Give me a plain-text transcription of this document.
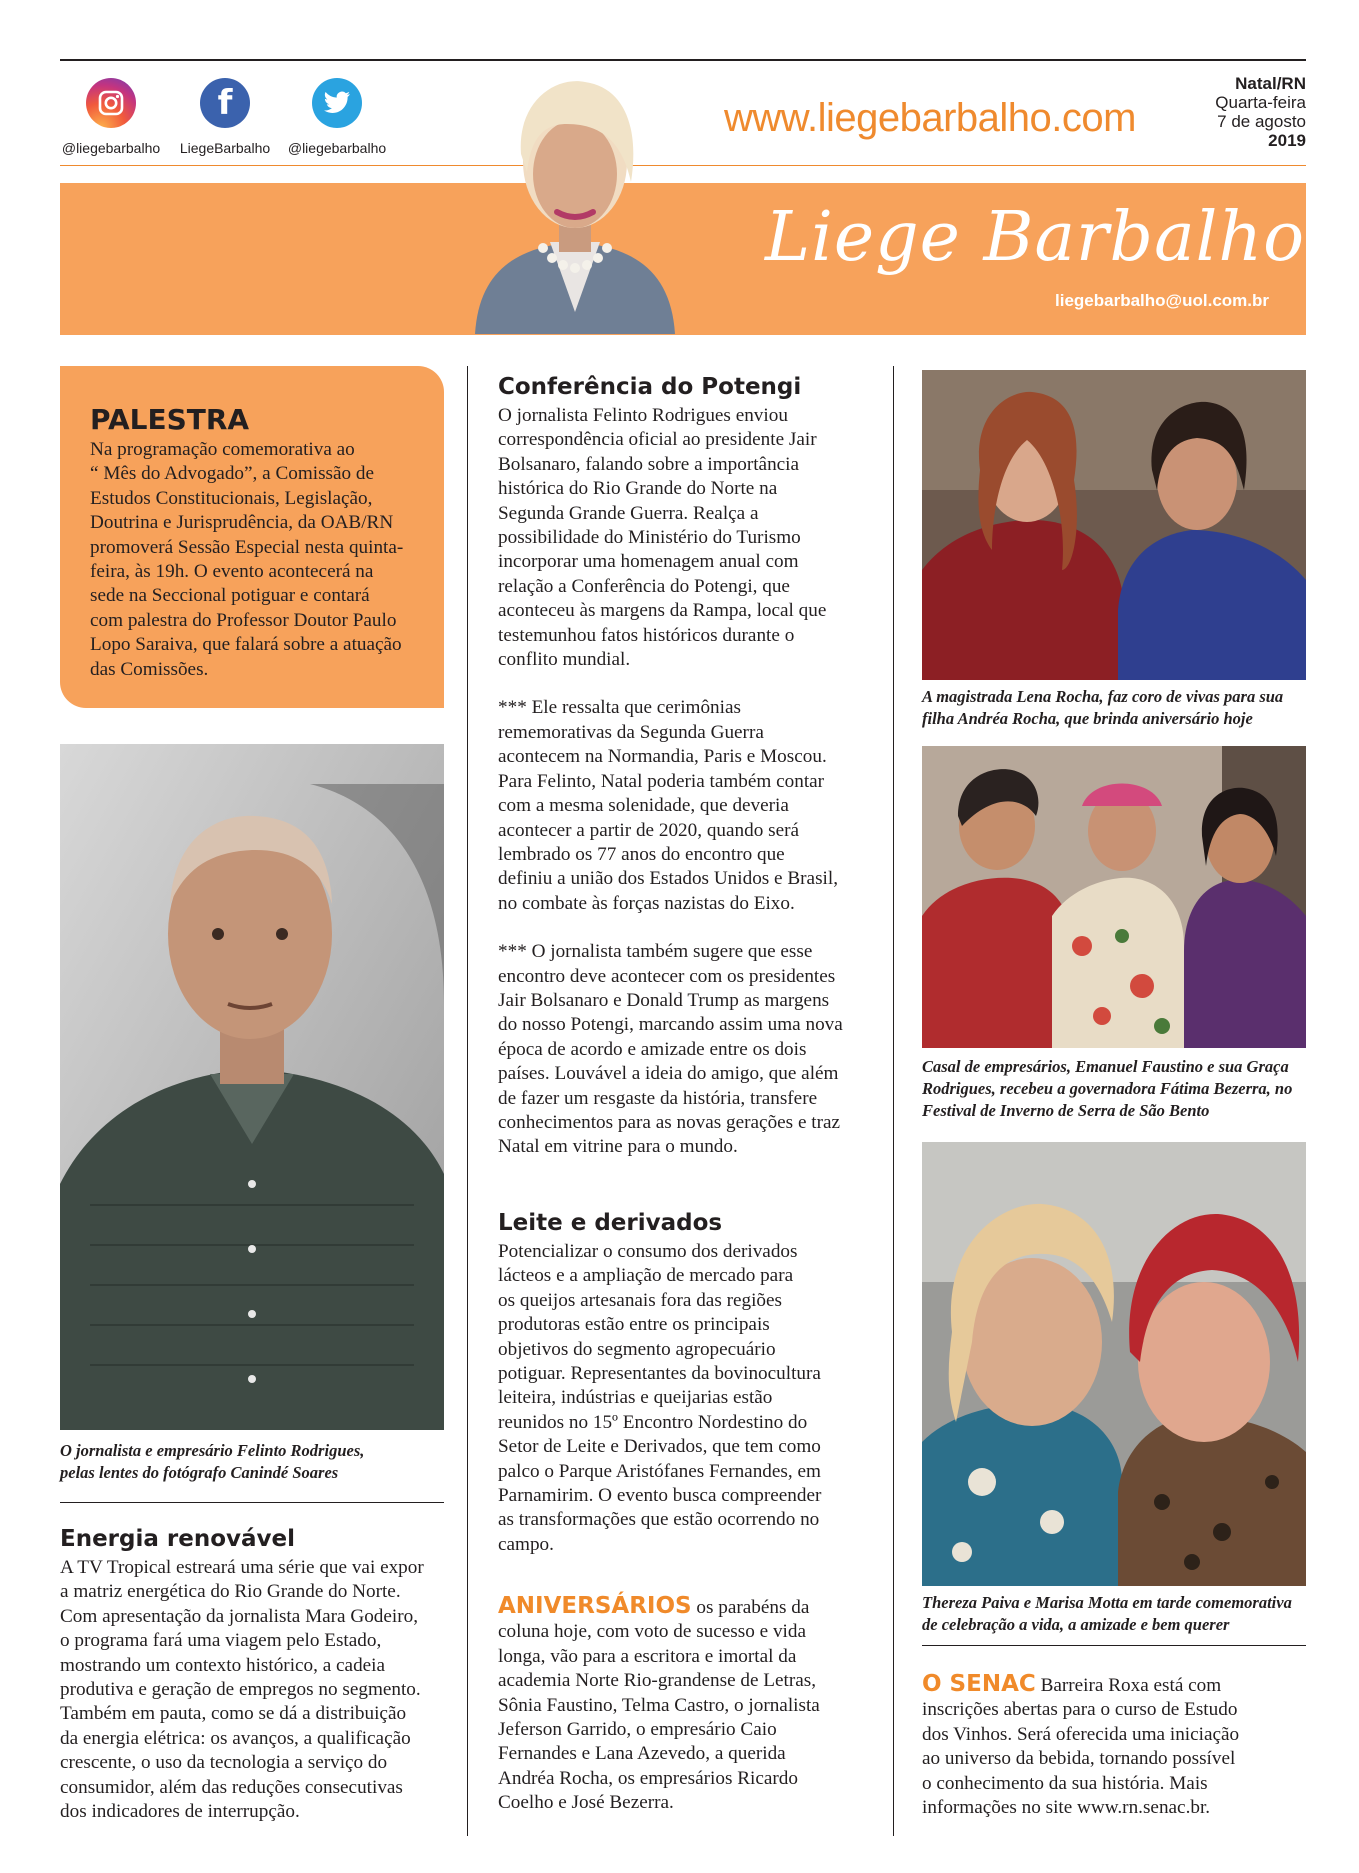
@liegebarbalho
f
LiegeBarbalho	@liegebarbalho
www.liegebarbalho.com
Natal/RN
Quarta-feira
7 de agosto
2019
Liege Barbalho
liegebarbalho@uol.com.br
PALESTRA
Na programação comemorativa ao
“ Mês do Advogado”, a Comissão de
Estudos Constitucionais, Legislação,
Doutrina e Jurisprudência, da OAB/RN
promoverá Sessão Especial nesta quinta-
feira, às 19h. O evento acontecerá na
sede na Seccional potiguar e contará
com palestra do Professor Doutor Paulo
Lopo Saraiva, que falará sobre a atuação
das Comissões.
O jornalista e empresário Felinto Rodrigues,
pelas lentes do fotógrafo Canindé Soares
Energia renovável
A TV Tropical estreará uma série que vai expor
a matriz energética do Rio Grande do Norte.
Com apresentação da jornalista Mara Godeiro,
o programa fará uma viagem pelo Estado,
mostrando um contexto histórico, a cadeia
produtiva e geração de empregos no segmento.
Também em pauta, como se dá a distribuição
da energia elétrica: os avanços, a qualificação
crescente, o uso da tecnologia a serviço do
consumidor, além das reduções consecutivas
dos indicadores de interrupção.
Conferência do Potengi
O jornalista Felinto Rodrigues enviou
correspondência oficial ao presidente Jair
Bolsanaro, falando sobre a importância
histórica do Rio Grande do Norte na
Segunda Grande Guerra. Realça a
possibilidade do Ministério do Turismo
incorporar uma homenagem anual com
relação a Conferência do Potengi, que
aconteceu às margens da Rampa, local que
testemunhou fatos históricos durante o
conflito mundial.
*** Ele ressalta que cerimônias
rememorativas da Segunda Guerra
acontecem na Normandia, Paris e Moscou.
Para Felinto, Natal poderia também contar
com a mesma solenidade, que deveria
acontecer a partir de 2020, quando será
lembrado os 77 anos do encontro que
definiu a união dos Estados Unidos e Brasil,
no combate às forças nazistas do Eixo.
*** O jornalista também sugere que esse
encontro deve acontecer com os presidentes
Jair Bolsanaro e Donald Trump as margens
do nosso Potengi, marcando assim uma nova
época de acordo e amizade entre os dois
países. Louvável a ideia do amigo, que além
de fazer um resgaste da história, transfere
conhecimentos para as novas gerações e traz
Natal em vitrine para o mundo.
Leite e derivados
Potencializar o consumo dos derivados
lácteos e a ampliação de mercado para
os queijos artesanais fora das regiões
produtoras estão entre os principais
objetivos do segmento agropecuário
potiguar. Representantes da bovinocultura
leiteira, indústrias e queijarias estão
reunidos no 15º Encontro Nordestino do
Setor de Leite e Derivados, que tem como
palco o Parque Aristófanes Fernandes, em
Parnamirim. O evento busca compreender
as transformações que estão ocorrendo no
campo.
ANIVERSÁRIOS os parabéns da
coluna hoje, com voto de sucesso e vida
longa, vão para a escritora e imortal da
academia Norte Rio-grandense de Letras,
Sônia Faustino, Telma Castro, o jornalista
Jeferson Garrido, o empresário Caio
Fernandes e Lana Azevedo, a querida
Andréa Rocha, os empresários Ricardo
Coelho e José Bezerra.
A magistrada Lena Rocha, faz coro de vivas para sua
filha Andréa Rocha, que brinda aniversário hoje
Casal de empresários, Emanuel Faustino e sua Graça
Rodrigues, recebeu a governadora Fátima Bezerra, no
Festival de Inverno de Serra de São Bento
Thereza Paiva e Marisa Motta em tarde comemorativa
de celebração a vida, a amizade e bem querer
O SENAC Barreira Roxa está com
inscrições abertas para o curso de Estudo
dos Vinhos. Será oferecida uma iniciação
ao universo da bebida, tornando possível
o conhecimento da sua história. Mais
informações no site www.rn.senac.br.
